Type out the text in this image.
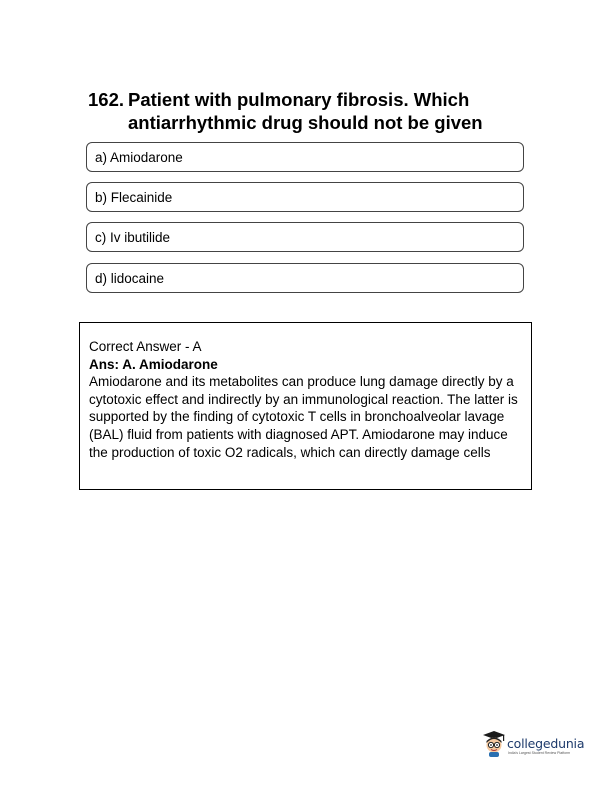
162. Patient with pulmonary fibrosis. Which antiarrhythmic drug should not be given
a) Amiodarone
b) Flecainide
c) Iv ibutilide
d) lidocaine
Correct Answer - A
Ans: A. Amiodarone
Amiodarone and its metabolites can produce lung damage directly by a cytotoxic effect and indirectly by an immunological reaction. The latter is supported by the finding of cytotoxic T cells in bronchoalveolar lavage (BAL) fluid from patients with diagnosed APT. Amiodarone may induce the production of toxic O2 radicals, which can directly damage cells
collegedunia
India's Largest Student Review Platform
